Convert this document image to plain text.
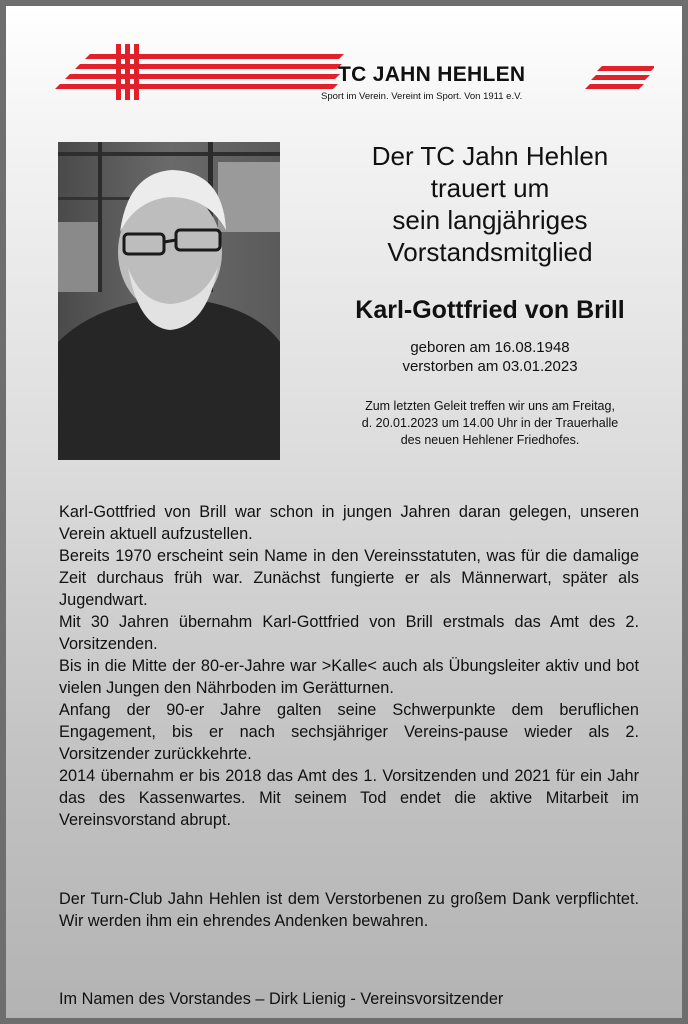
TC JAHN HEHLEN
Sport im Verein. Vereint im Sport. Von 1911 e.V.
Der TC Jahn Hehlen
trauert um
sein langjähriges
Vorstandsmitglied
Karl-Gottfried von Brill
geboren am 16.08.1948
verstorben am 03.01.2023
Zum letzten Geleit treffen wir uns am Freitag,
d. 20.01.2023 um 14.00 Uhr in der Trauerhalle
des neuen Hehlener Friedhofes.

Karl-Gottfried von Brill war schon in jungen Jahren daran gelegen, unseren Verein aktuell aufzustellen.

Bereits 1970 erscheint sein Name in den Vereinsstatuten, was für die damalige Zeit durchaus früh war. Zunächst fungierte er als Männerwart, später als Jugendwart.

Mit 30 Jahren übernahm Karl-Gottfried von Brill erstmals das Amt des 2. Vorsitzenden.

Bis in die Mitte der 80-er-Jahre war >Kalle< auch als Übungsleiter aktiv und bot vielen Jungen den Nährboden im Gerätturnen.

Anfang der 90-er Jahre galten seine Schwerpunkte dem beruflichen Engagement, bis er nach sechsjähriger Vereins-pause wieder als 2. Vorsitzender zurückkehrte.

2014 übernahm er bis 2018 das Amt des 1. Vorsitzenden und 2021 für ein Jahr das des Kassenwartes. Mit seinem Tod endet die aktive Mitarbeit im Vereinsvorstand abrupt.

Der Turn-Club Jahn Hehlen ist dem Verstorbenen zu großem Dank verpflichtet. Wir werden ihm ein ehrendes Andenken bewahren.
Im Namen des Vorstandes – Dirk Lienig - Vereinsvorsitzender
